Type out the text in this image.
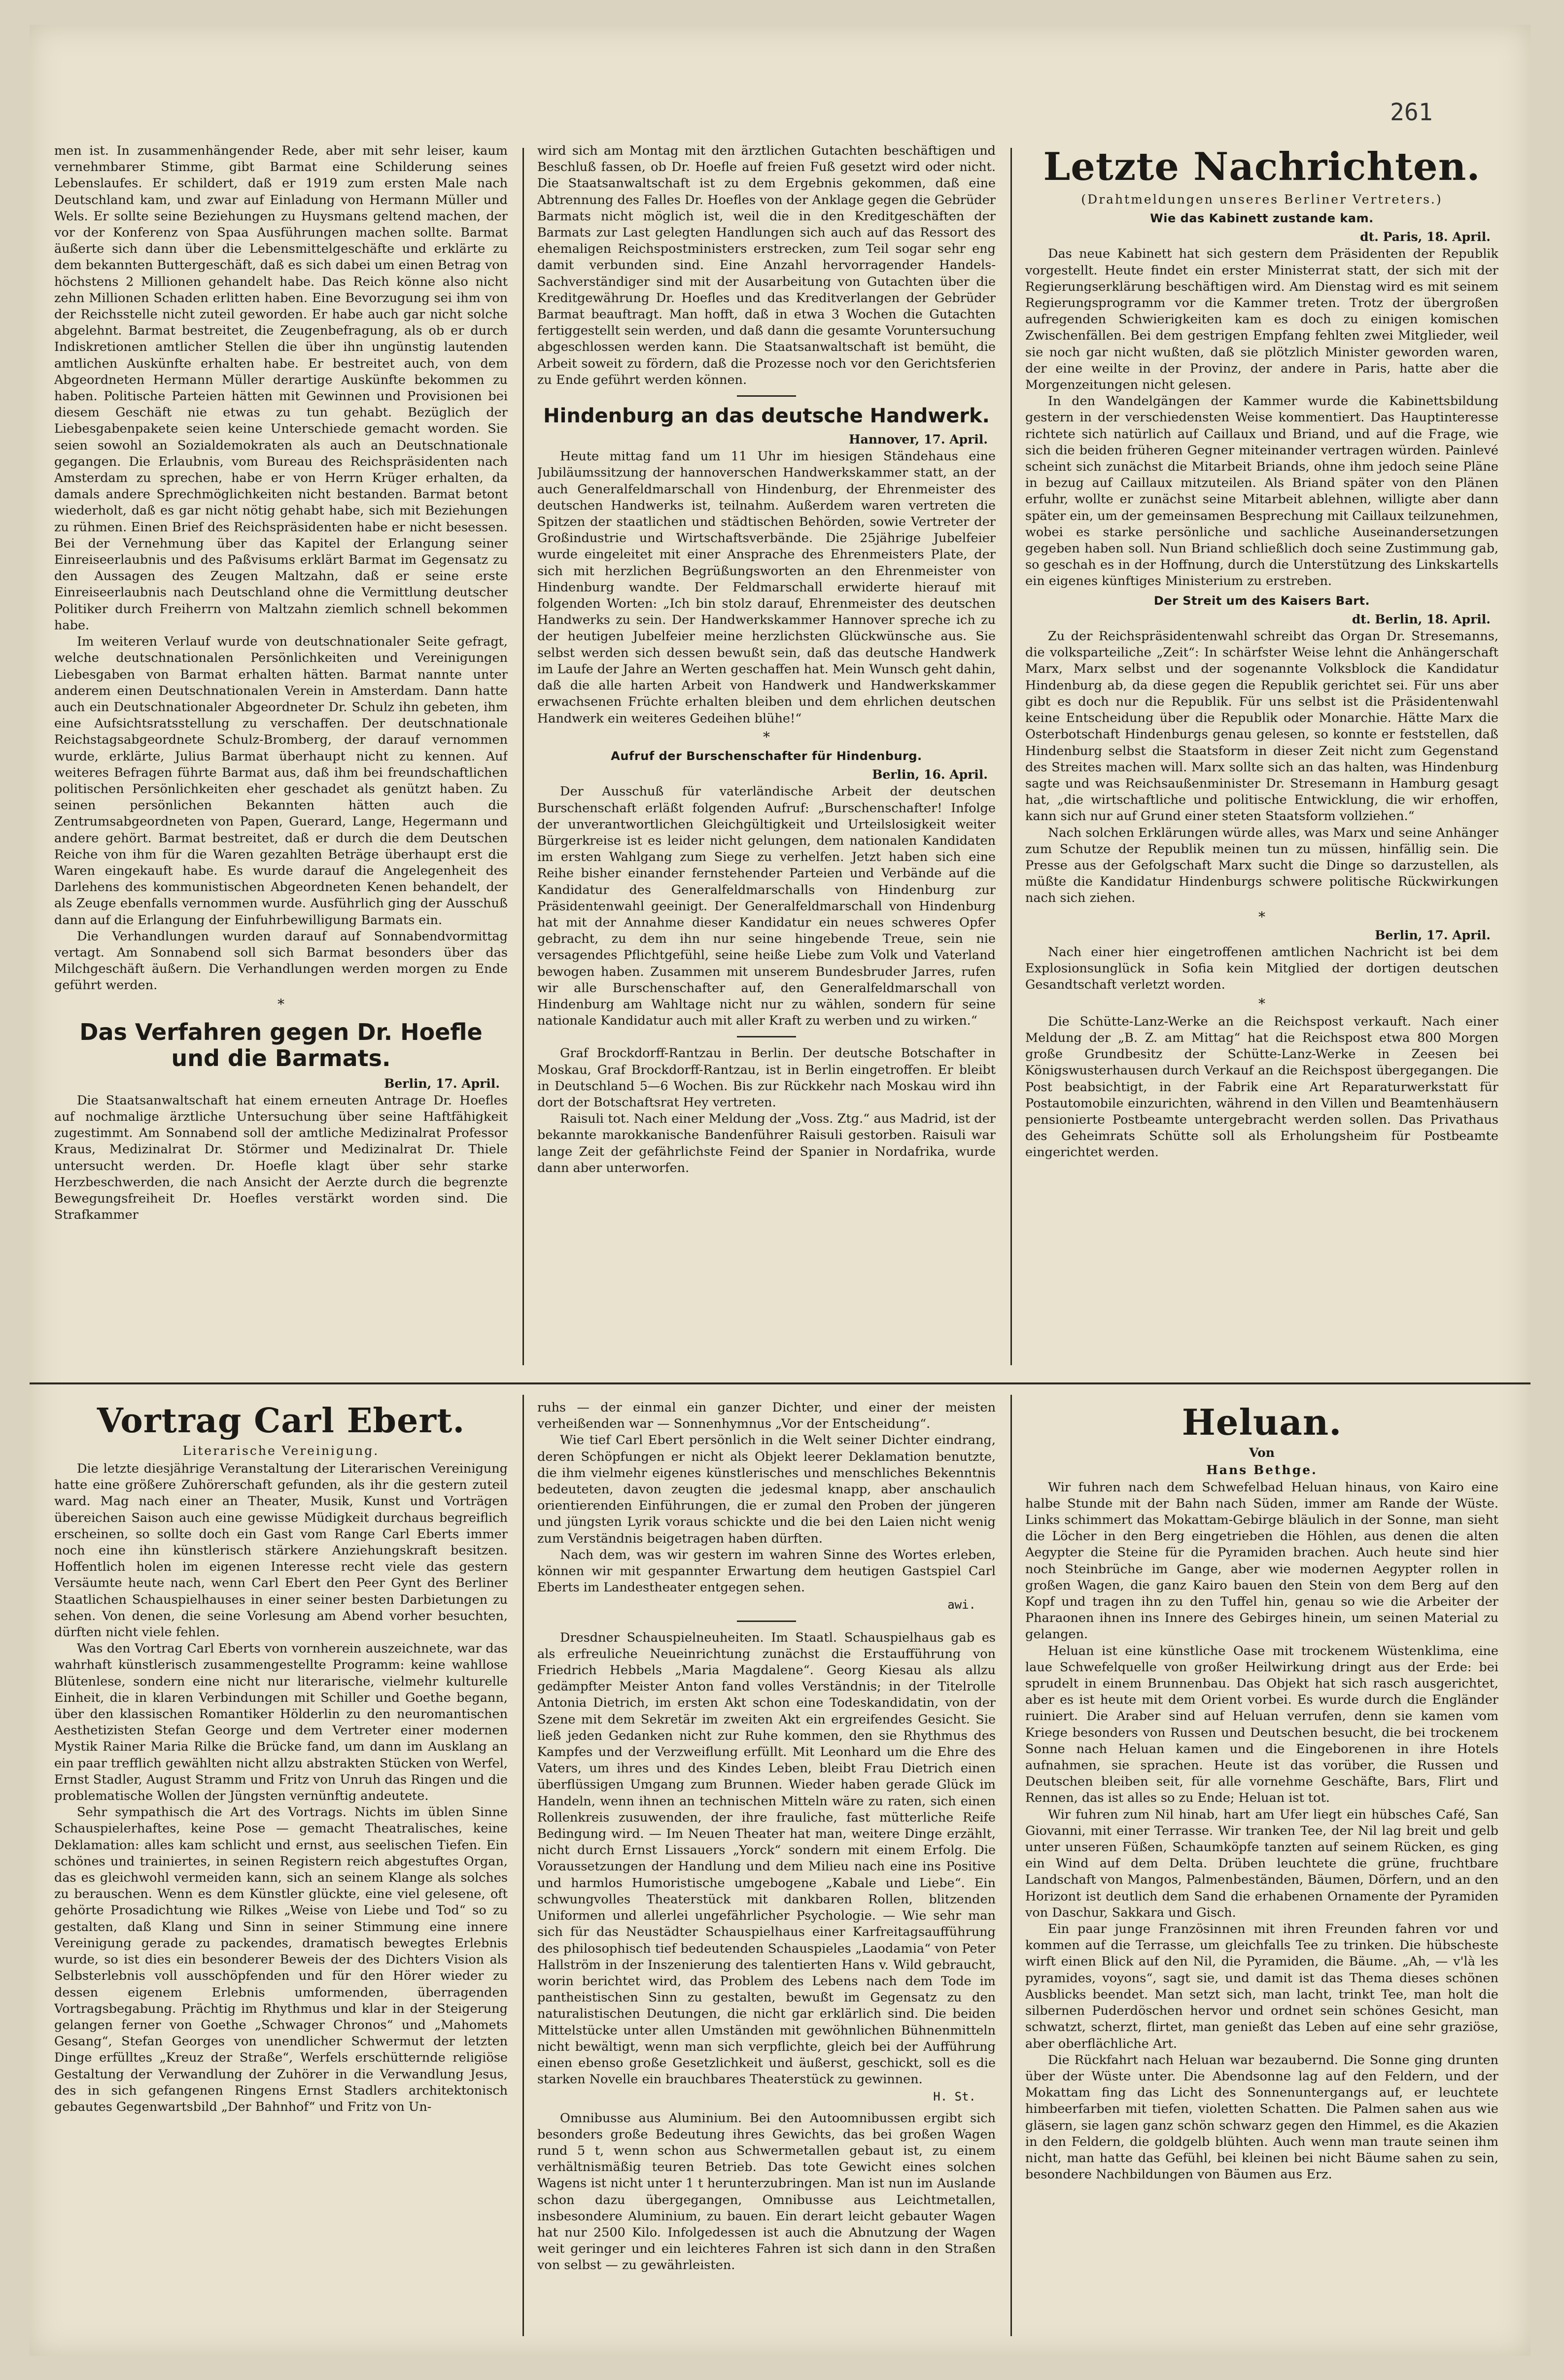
261

men ist. In zusammenhängender Rede, aber mit sehr leiser, kaum vernehmbarer Stimme, gibt Barmat eine Schilderung seines Lebenslaufes. Er schildert, daß er 1919 zum ersten Male nach Deutschland kam, und zwar auf Einladung von Hermann Müller und Wels. Er sollte seine Beziehungen zu Huysmans geltend machen, der vor der Konferenz von Spaa Ausführungen machen sollte. Barmat äußerte sich dann über die Lebensmittelgeschäfte und erklärte zu dem bekannten Buttergeschäft, daß es sich dabei um einen Betrag von höchstens 2 Millionen gehandelt habe. Das Reich könne also nicht zehn Millionen Schaden erlitten haben. Eine Bevorzugung sei ihm von der Reichsstelle nicht zuteil geworden. Er habe auch gar nicht solche abgelehnt. Barmat bestreitet, die Zeugenbefragung, als ob er durch Indiskretionen amtlicher Stellen die über ihn ungünstig lautenden amtlichen Auskünfte erhalten habe. Er bestreitet auch, von dem Abgeordneten Hermann Müller derartige Auskünfte bekommen zu haben. Politische Parteien hätten mit Gewinnen und Provisionen bei diesem Geschäft nie etwas zu tun gehabt. Bezüglich der Liebesgabenpakete seien keine Unterschiede gemacht worden. Sie seien sowohl an Sozialdemokraten als auch an Deutschnationale gegangen. Die Erlaubnis, vom Bureau des Reichspräsidenten nach Amsterdam zu sprechen, habe er von Herrn Krüger erhalten, da damals andere Sprechmöglichkeiten nicht bestanden. Barmat betont wiederholt, daß es gar nicht nötig gehabt habe, sich mit Beziehungen zu rühmen. Einen Brief des Reichspräsidenten habe er nicht besessen. Bei der Vernehmung über das Kapitel der Erlangung seiner Einreiseerlaubnis und des Paßvisums erklärt Barmat im Gegensatz zu den Aussagen des Zeugen Maltzahn, daß er seine erste Einreiseerlaubnis nach Deutschland ohne die Vermittlung deutscher Politiker durch Freiherrn von Maltzahn ziemlich schnell bekommen habe.

Im weiteren Verlauf wurde von deutschnationaler Seite gefragt, welche deutschnationalen Persönlichkeiten und Vereinigungen Liebesgaben von Barmat erhalten hätten. Barmat nannte unter anderem einen Deutschnationalen Verein in Amsterdam. Dann hatte auch ein Deutschnationaler Abgeordneter Dr. Schulz ihn gebeten, ihm eine Aufsichtsratsstellung zu verschaffen. Der deutschnationale Reichstagsabgeordnete Schulz-Bromberg, der darauf vernommen wurde, erklärte, Julius Barmat überhaupt nicht zu kennen. Auf weiteres Befragen führte Barmat aus, daß ihm bei freundschaftlichen politischen Persönlichkeiten eher geschadet als genützt haben. Zu seinen persönlichen Bekannten hätten auch die Zentrumsabgeordneten von Papen, Guerard, Lange, Hegermann und andere gehört. Barmat bestreitet, daß er durch die dem Deutschen Reiche von ihm für die Waren gezahlten Beträge überhaupt erst die Waren eingekauft habe. Es wurde darauf die Angelegenheit des Darlehens des kommunistischen Abgeordneten Kenen behandelt, der als Zeuge ebenfalls vernommen wurde. Ausführlich ging der Ausschuß dann auf die Erlangung der Einfuhrbewilligung Barmats ein.

Die Verhandlungen wurden darauf auf Sonnabendvormittag vertagt. Am Sonnabend soll sich Barmat besonders über das Milchgeschäft äußern. Die Verhandlungen werden morgen zu Ende geführt werden.

*
Das Verfahren gegen Dr. Hoefle und die Barmats.
Berlin, 17. April.

Die Staatsanwaltschaft hat einem erneuten Antrage Dr. Hoefles auf nochmalige ärztliche Untersuchung über seine Haftfähigkeit zugestimmt. Am Sonnabend soll der amtliche Medizinalrat Professor Kraus, Medizinalrat Dr. Störmer und Medizinalrat Dr. Thiele untersucht werden. Dr. Hoefle klagt über sehr starke Herzbeschwerden, die nach Ansicht der Aerzte durch die begrenzte Bewegungsfreiheit Dr. Hoefles verstärkt worden sind. Die Strafkammer

wird sich am Montag mit den ärztlichen Gutachten beschäftigen und Beschluß fassen, ob Dr. Hoefle auf freien Fuß gesetzt wird oder nicht. Die Staatsanwaltschaft ist zu dem Ergebnis gekommen, daß eine Abtrennung des Falles Dr. Hoefles von der Anklage gegen die Gebrüder Barmats nicht möglich ist, weil die in den Kreditgeschäften der Barmats zur Last gelegten Handlungen sich auch auf das Ressort des ehemaligen Reichspostministers erstrecken, zum Teil sogar sehr eng damit verbunden sind. Eine Anzahl hervorragender Handels-Sachverständiger sind mit der Ausarbeitung von Gutachten über die Kreditgewährung Dr. Hoefles und das Kreditverlangen der Gebrüder Barmat beauftragt. Man hofft, daß in etwa 3 Wochen die Gutachten fertiggestellt sein werden, und daß dann die gesamte Voruntersuchung abgeschlossen werden kann. Die Staatsanwaltschaft ist bemüht, die Arbeit soweit zu fördern, daß die Prozesse noch vor den Gerichtsferien zu Ende geführt werden können.

Hindenburg an das deutsche Handwerk.
Hannover, 17. April.

Heute mittag fand um 11 Uhr im hiesigen Ständehaus eine Jubiläumssitzung der hannoverschen Handwerkskammer statt, an der auch Generalfeldmarschall von Hindenburg, der Ehrenmeister des deutschen Handwerks ist, teilnahm. Außerdem waren vertreten die Spitzen der staatlichen und städtischen Behörden, sowie Vertreter der Großindustrie und Wirtschaftsverbände. Die 25jährige Jubelfeier wurde eingeleitet mit einer Ansprache des Ehrenmeisters Plate, der sich mit herzlichen Begrüßungsworten an den Ehrenmeister von Hindenburg wandte. Der Feldmarschall erwiderte hierauf mit folgenden Worten: „Ich bin stolz darauf, Ehrenmeister des deutschen Handwerks zu sein. Der Handwerkskammer Hannover spreche ich zu der heutigen Jubelfeier meine herzlichsten Glückwünsche aus. Sie selbst werden sich dessen bewußt sein, daß das deutsche Handwerk im Laufe der Jahre an Werten geschaffen hat. Mein Wunsch geht dahin, daß die alle harten Arbeit von Handwerk und Handwerkskammer erwachsenen Früchte erhalten bleiben und dem ehrlichen deutschen Handwerk ein weiteres Gedeihen blühe!“

*
Aufruf der Burschenschafter für Hindenburg.
Berlin, 16. April.

Der Ausschuß für vaterländische Arbeit der deutschen Burschenschaft erläßt folgenden Aufruf: „Burschenschafter! Infolge der unverantwortlichen Gleichgültigkeit und Urteilslosigkeit weiter Bürgerkreise ist es leider nicht gelungen, dem nationalen Kandidaten im ersten Wahlgang zum Siege zu verhelfen. Jetzt haben sich eine Reihe bisher einander fernstehender Parteien und Verbände auf die Kandidatur des Generalfeldmarschalls von Hindenburg zur Präsidentenwahl geeinigt. Der Generalfeldmarschall von Hindenburg hat mit der Annahme dieser Kandidatur ein neues schweres Opfer gebracht, zu dem ihn nur seine hingebende Treue, sein nie versagendes Pflichtgefühl, seine heiße Liebe zum Volk und Vaterland bewogen haben. Zusammen mit unserem Bundesbruder Jarres, rufen wir alle Burschenschafter auf, den Generalfeldmarschall von Hindenburg am Wahltage nicht nur zu wählen, sondern für seine nationale Kandidatur auch mit aller Kraft zu werben und zu wirken.“

Graf Brockdorff-Rantzau in Berlin. Der deutsche Botschafter in Moskau, Graf Brockdorff-Rantzau, ist in Berlin eingetroffen. Er bleibt in Deutschland 5—6 Wochen. Bis zur Rückkehr nach Moskau wird ihn dort der Botschaftsrat Hey vertreten.

Raisuli tot. Nach einer Meldung der „Voss. Ztg.“ aus Madrid, ist der bekannte marokkanische Bandenführer Raisuli gestorben. Raisuli war lange Zeit der gefährlichste Feind der Spanier in Nordafrika, wurde dann aber unterworfen.

Letzte Nachrichten.
(Drahtmeldungen unseres Berliner Vertreters.)
Wie das Kabinett zustande kam.
dt. Paris, 18. April.

Das neue Kabinett hat sich gestern dem Präsidenten der Republik vorgestellt. Heute findet ein erster Ministerrat statt, der sich mit der Regierungserklärung beschäftigen wird. Am Dienstag wird es mit seinem Regierungsprogramm vor die Kammer treten. Trotz der übergroßen aufregenden Schwierigkeiten kam es doch zu einigen komischen Zwischenfällen. Bei dem gestrigen Empfang fehlten zwei Mitglieder, weil sie noch gar nicht wußten, daß sie plötzlich Minister geworden waren, der eine weilte in der Provinz, der andere in Paris, hatte aber die Morgenzeitungen nicht gelesen.

In den Wandelgängen der Kammer wurde die Kabinettsbildung gestern in der verschiedensten Weise kommentiert. Das Hauptinteresse richtete sich natürlich auf Caillaux und Briand, und auf die Frage, wie sich die beiden früheren Gegner miteinander vertragen würden. Painlevé scheint sich zunächst die Mitarbeit Briands, ohne ihm jedoch seine Pläne in bezug auf Caillaux mitzuteilen. Als Briand später von den Plänen erfuhr, wollte er zunächst seine Mitarbeit ablehnen, willigte aber dann später ein, um der gemeinsamen Besprechung mit Caillaux teilzunehmen, wobei es starke persönliche und sachliche Auseinandersetzungen gegeben haben soll. Nun Briand schließlich doch seine Zustimmung gab, so geschah es in der Hoffnung, durch die Unterstützung des Linkskartells ein eigenes künftiges Ministerium zu erstreben.

Der Streit um des Kaisers Bart.
dt. Berlin, 18. April.

Zu der Reichspräsidentenwahl schreibt das Organ Dr. Stresemanns, die volksparteiliche „Zeit“: In schärfster Weise lehnt die Anhängerschaft Marx, Marx selbst und der sogenannte Volksblock die Kandidatur Hindenburg ab, da diese gegen die Republik gerichtet sei. Für uns aber gibt es doch nur die Republik. Für uns selbst ist die Präsidentenwahl keine Entscheidung über die Republik oder Monarchie. Hätte Marx die Osterbotschaft Hindenburgs genau gelesen, so konnte er feststellen, daß Hindenburg selbst die Staatsform in dieser Zeit nicht zum Gegenstand des Streites machen will. Marx sollte sich an das halten, was Hindenburg sagte und was Reichsaußenminister Dr. Stresemann in Hamburg gesagt hat, „die wirtschaftliche und politische Entwicklung, die wir erhoffen, kann sich nur auf Grund einer steten Staatsform vollziehen.“

Nach solchen Erklärungen würde alles, was Marx und seine Anhänger zum Schutze der Republik meinen tun zu müssen, hinfällig sein. Die Presse aus der Gefolgschaft Marx sucht die Dinge so darzustellen, als müßte die Kandidatur Hindenburgs schwere politische Rückwirkungen nach sich ziehen.

*
Berlin, 17. April.

Nach einer hier eingetroffenen amtlichen Nachricht ist bei dem Explosionsunglück in Sofia kein Mitglied der dortigen deutschen Gesandtschaft verletzt worden.

*

Die Schütte-Lanz-Werke an die Reichspost verkauft. Nach einer Meldung der „B. Z. am Mittag“ hat die Reichspost etwa 800 Morgen große Grundbesitz der Schütte-Lanz-Werke in Zeesen bei Königswusterhausen durch Verkauf an die Reichspost übergegangen. Die Post beabsichtigt, in der Fabrik eine Art Reparaturwerkstatt für Postautomobile einzurichten, während in den Villen und Beamtenhäusern pensionierte Postbeamte untergebracht werden sollen. Das Privathaus des Geheimrats Schütte soll als Erholungsheim für Postbeamte eingerichtet werden.

Vortrag Carl Ebert.
Literarische Vereinigung.

Die letzte diesjährige Veranstaltung der Literarischen Vereinigung hatte eine größere Zuhörerschaft gefunden, als ihr die gestern zuteil ward. Mag nach einer an Theater, Musik, Kunst und Vorträgen übereichen Saison auch eine gewisse Müdigkeit durchaus begreiflich erscheinen, so sollte doch ein Gast vom Range Carl Eberts immer noch eine ihn künstlerisch stärkere Anziehungskraft besitzen. Hoffentlich holen im eigenen Interesse recht viele das gestern Versäumte heute nach, wenn Carl Ebert den Peer Gynt des Berliner Staatlichen Schauspielhauses in einer seiner besten Darbietungen zu sehen. Von denen, die seine Vorlesung am Abend vorher besuchten, dürften nicht viele fehlen.

Was den Vortrag Carl Eberts von vornherein auszeichnete, war das wahrhaft künstlerisch zusammengestellte Programm: keine wahllose Blütenlese, sondern eine nicht nur literarische, vielmehr kulturelle Einheit, die in klaren Verbindungen mit Schiller und Goethe begann, über den klassischen Romantiker Hölderlin zu den neuromantischen Aesthetizisten Stefan George und dem Vertreter einer modernen Mystik Rainer Maria Rilke die Brücke fand, um dann im Ausklang an ein paar trefflich gewählten nicht allzu abstrakten Stücken von Werfel, Ernst Stadler, August Stramm und Fritz von Unruh das Ringen und die problematische Wollen der Jüngsten vernünftig andeutete.

Sehr sympathisch die Art des Vortrags. Nichts im üblen Sinne Schauspielerhaftes, keine Pose — gemacht Theatralisches, keine Deklamation: alles kam schlicht und ernst, aus seelischen Tiefen. Ein schönes und trainiertes, in seinen Registern reich abgestuftes Organ, das es gleichwohl vermeiden kann, sich an seinem Klange als solches zu berauschen. Wenn es dem Künstler glückte, eine viel gelesene, oft gehörte Prosadichtung wie Rilkes „Weise von Liebe und Tod“ so zu gestalten, daß Klang und Sinn in seiner Stimmung eine innere Vereinigung gerade zu packendes, dramatisch bewegtes Erlebnis wurde, so ist dies ein besonderer Beweis der des Dichters Vision als Selbsterlebnis voll ausschöpfenden und für den Hörer wieder zu dessen eigenem Erlebnis umformenden, überragenden Vortragsbegabung. Prächtig im Rhythmus und klar in der Steigerung gelangen ferner von Goethe „Schwager Chronos“ und „Mahomets Gesang“, Stefan Georges von unendlicher Schwermut der letzten Dinge erfülltes „Kreuz der Straße“, Werfels erschütternde religiöse Gestaltung der Verwandlung der Zuhörer in die Verwandlung Jesus, des in sich gefangenen Ringens Ernst Stadlers architektonisch gebautes Gegenwartsbild „Der Bahnhof“ und Fritz von Un-

ruhs — der einmal ein ganzer Dichter, und einer der meisten verheißenden war — Sonnenhymnus „Vor der Entscheidung“.

Wie tief Carl Ebert persönlich in die Welt seiner Dichter eindrang, deren Schöpfungen er nicht als Objekt leerer Deklamation benutzte, die ihm vielmehr eigenes künstlerisches und menschliches Bekenntnis bedeuteten, davon zeugten die jedesmal knapp, aber anschaulich orientierenden Einführungen, die er zumal den Proben der jüngeren und jüngsten Lyrik voraus schickte und die bei den Laien nicht wenig zum Verständnis beigetragen haben dürften.

Nach dem, was wir gestern im wahren Sinne des Wortes erleben, können wir mit gespannter Erwartung dem heutigen Gastspiel Carl Eberts im Landestheater entgegen sehen.

awi.

Dresdner Schauspielneuheiten. Im Staatl. Schauspielhaus gab es als erfreuliche Neueinrichtung zunächst die Erstaufführung von Friedrich Hebbels „Maria Magdalene“. Georg Kiesau als allzu gedämpfter Meister Anton fand volles Verständnis; in der Titelrolle Antonia Dietrich, im ersten Akt schon eine Todeskandidatin, von der Szene mit dem Sekretär im zweiten Akt ein ergreifendes Gesicht. Sie ließ jeden Gedanken nicht zur Ruhe kommen, den sie Rhythmus des Kampfes und der Verzweiflung erfüllt. Mit Leonhard um die Ehre des Vaters, um ihres und des Kindes Leben, bleibt Frau Dietrich einen überflüssigen Umgang zum Brunnen. Wieder haben gerade Glück im Handeln, wenn ihnen an technischen Mitteln wäre zu raten, sich einen Rollenkreis zusuwenden, der ihre frauliche, fast mütterliche Reife Bedingung wird. — Im Neuen Theater hat man, weitere Dinge erzählt, nicht durch Ernst Lissauers „Yorck“ sondern mit einem Erfolg. Die Voraussetzungen der Handlung und dem Milieu nach eine ins Positive und harmlos Humoristische umgebogene „Kabale und Liebe“. Ein schwungvolles Theaterstück mit dankbaren Rollen, blitzenden Uniformen und allerlei ungefährlicher Psychologie. — Wie sehr man sich für das Neustädter Schauspielhaus einer Karfreitagsaufführung des philosophisch tief bedeutenden Schauspieles „Laodamia“ von Peter Hallström in der Inszenierung des talentierten Hans v. Wild gebraucht, worin berichtet wird, das Problem des Lebens nach dem Tode im pantheistischen Sinn zu gestalten, bewußt im Gegensatz zu den naturalistischen Deutungen, die nicht gar erklärlich sind. Die beiden Mittelstücke unter allen Umständen mit gewöhnlichen Bühnenmitteln nicht bewältigt, wenn man sich verpflichte, gleich bei der Aufführung einen ebenso große Gesetzlichkeit und äußerst, geschickt, soll es die starken Novelle ein brauchbares Theaterstück zu gewinnen.

H. St.

Omnibusse aus Aluminium. Bei den Autoomnibussen ergibt sich besonders große Bedeutung ihres Gewichts, das bei großen Wagen rund 5 t, wenn schon aus Schwermetallen gebaut ist, zu einem verhältnismäßig teuren Betrieb. Das tote Gewicht eines solchen Wagens ist nicht unter 1 t herunterzubringen. Man ist nun im Auslande schon dazu übergegangen, Omnibusse aus Leichtmetallen, insbesondere Aluminium, zu bauen. Ein derart leicht gebauter Wagen hat nur 2500 Kilo. Infolgedessen ist auch die Abnutzung der Wagen weit geringer und ein leichteres Fahren ist sich dann in den Straßen von selbst — zu gewährleisten.

Heluan.
Von
Hans Bethge.

Wir fuhren nach dem Schwefelbad Heluan hinaus, von Kairo eine halbe Stunde mit der Bahn nach Süden, immer am Rande der Wüste. Links schimmert das Mokattam-Gebirge bläulich in der Sonne, man sieht die Löcher in den Berg eingetrieben die Höhlen, aus denen die alten Aegypter die Steine für die Pyramiden brachen. Auch heute sind hier noch Steinbrüche im Gange, aber wie modernen Aegypter rollen in großen Wagen, die ganz Kairo bauen den Stein von dem Berg auf den Kopf und tragen ihn zu den Tuffel hin, genau so wie die Arbeiter der Pharaonen ihnen ins Innere des Gebirges hinein, um seinen Material zu gelangen.

Heluan ist eine künstliche Oase mit trockenem Wüstenklima, eine laue Schwefelquelle von großer Heilwirkung dringt aus der Erde: bei sprudelt in einem Brunnenbau. Das Objekt hat sich rasch ausgerichtet, aber es ist heute mit dem Orient vorbei. Es wurde durch die Engländer ruiniert. Die Araber sind auf Heluan verrufen, denn sie kamen vom Kriege besonders von Russen und Deutschen besucht, die bei trockenem Sonne nach Heluan kamen und die Eingeborenen in ihre Hotels aufnahmen, sie sprachen. Heute ist das vorüber, die Russen und Deutschen bleiben seit, für alle vornehme Geschäfte, Bars, Flirt und Rennen, das ist alles so zu Ende; Heluan ist tot.

Wir fuhren zum Nil hinab, hart am Ufer liegt ein hübsches Café, San Giovanni, mit einer Terrasse. Wir tranken Tee, der Nil lag breit und gelb unter unseren Füßen, Schaumköpfe tanzten auf seinem Rücken, es ging ein Wind auf dem Delta. Drüben leuchtete die grüne, fruchtbare Landschaft von Mangos, Palmenbeständen, Bäumen, Dörfern, und an den Horizont ist deutlich dem Sand die erhabenen Ornamente der Pyramiden von Daschur, Sakkara und Gisch.

Ein paar junge Französinnen mit ihren Freunden fahren vor und kommen auf die Terrasse, um gleichfalls Tee zu trinken. Die hübscheste wirft einen Blick auf den Nil, die Pyramiden, die Bäume. „Ah, — v'là les pyramides, voyons“, sagt sie, und damit ist das Thema dieses schönen Ausblicks beendet. Man setzt sich, man lacht, trinkt Tee, man holt die silbernen Puderdöschen hervor und ordnet sein schönes Gesicht, man schwatzt, scherzt, flirtet, man genießt das Leben auf eine sehr graziöse, aber oberflächliche Art.

Die Rückfahrt nach Heluan war bezaubernd. Die Sonne ging drunten über der Wüste unter. Die Abendsonne lag auf den Feldern, und der Mokattam fing das Licht des Sonnenuntergangs auf, er leuchtete himbeerfarben mit tiefen, violetten Schatten. Die Palmen sahen aus wie gläsern, sie lagen ganz schön schwarz gegen den Himmel, es die Akazien in den Feldern, die goldgelb blühten. Auch wenn man traute seinen ihm nicht, man hatte das Gefühl, bei kleinen bei nicht Bäume sahen zu sein, besondere Nachbildungen von Bäumen aus Erz.
